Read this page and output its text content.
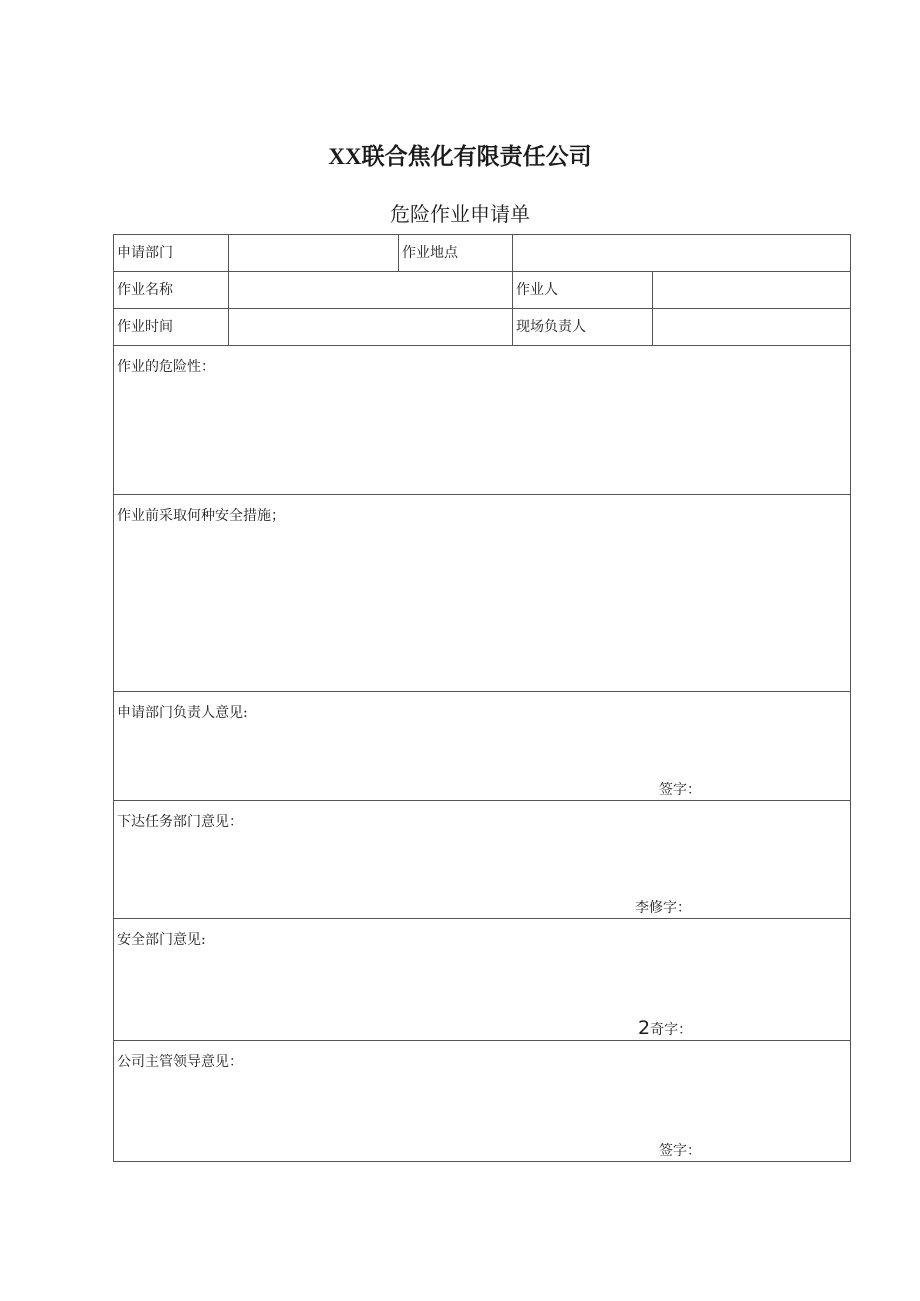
XX联合焦化有限责任公司
危险作业申请单
申请部门	作业地点
作业名称	作业人
作业时间	现场负责人
作业的危险性：
作业前采取何种安全措施；
申请部门负责人意见:
签字：
下达任务部门意见：
李修字：
安全部门意见:
2奇字：
公司主管领导意见：
签字：
